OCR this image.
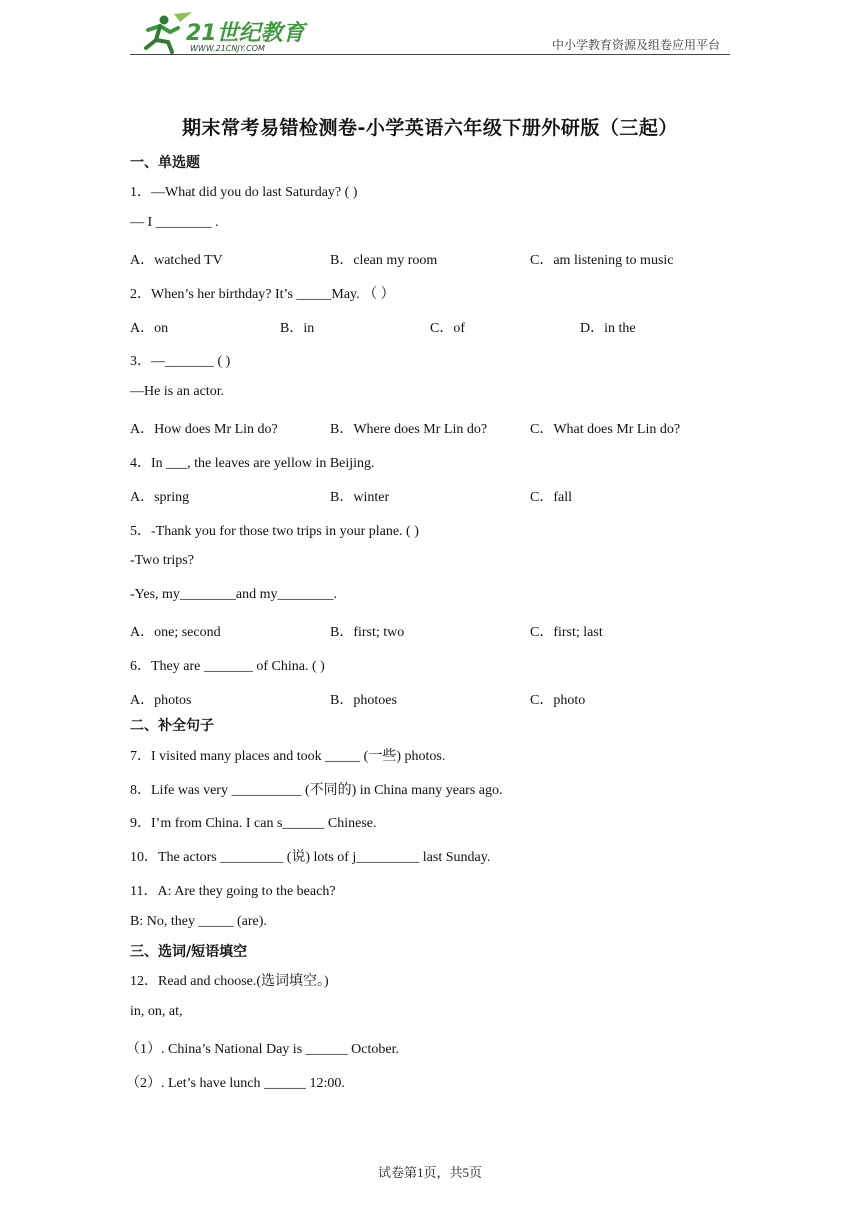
21世纪教育
WWW.21CNJY.COM	中小学教育资源及组卷应用平台
期末常考易错检测卷-小学英语六年级下册外研版（三起）
一、单选题
1．—What did you do last Saturday? ( )
— I ________ .
A．watched TV	B．clean my room	C．am listening to music
2．When’s her birthday? It’s _____May. （ ）
A．on	B．in	C．of	D．in the
3．—_______ ( )
—He is an actor.
A．How does Mr Lin do?	B．Where does Mr Lin do?	C．What does Mr Lin do?
4．In ___, the leaves are yellow in Beijing.
A．spring	B．winter	C．fall
5．-Thank you for those two trips in your plane. ( )
-Two trips?
-Yes, my________and my________.
A．one; second	B．first; two	C．first; last
6．They are _______ of China. ( )
A．photos	B．photoes	C．photo
二、补全句子
7．I visited many places and took _____ (一些) photos.
8．Life was very __________ (不同的) in China many years ago.
9．I’m from China. I can s______ Chinese.
10．The actors _________ (说) lots of j_________ last Sunday.
11．A: Are they going to the beach?
B: No, they _____ (are).
三、选词/短语填空
12．Read and choose.(选词填空。)
in, on, at,
（1）. China’s National Day is ______ October.
（2）. Let’s have lunch ______ 12:00.
试卷第1页，共5页
